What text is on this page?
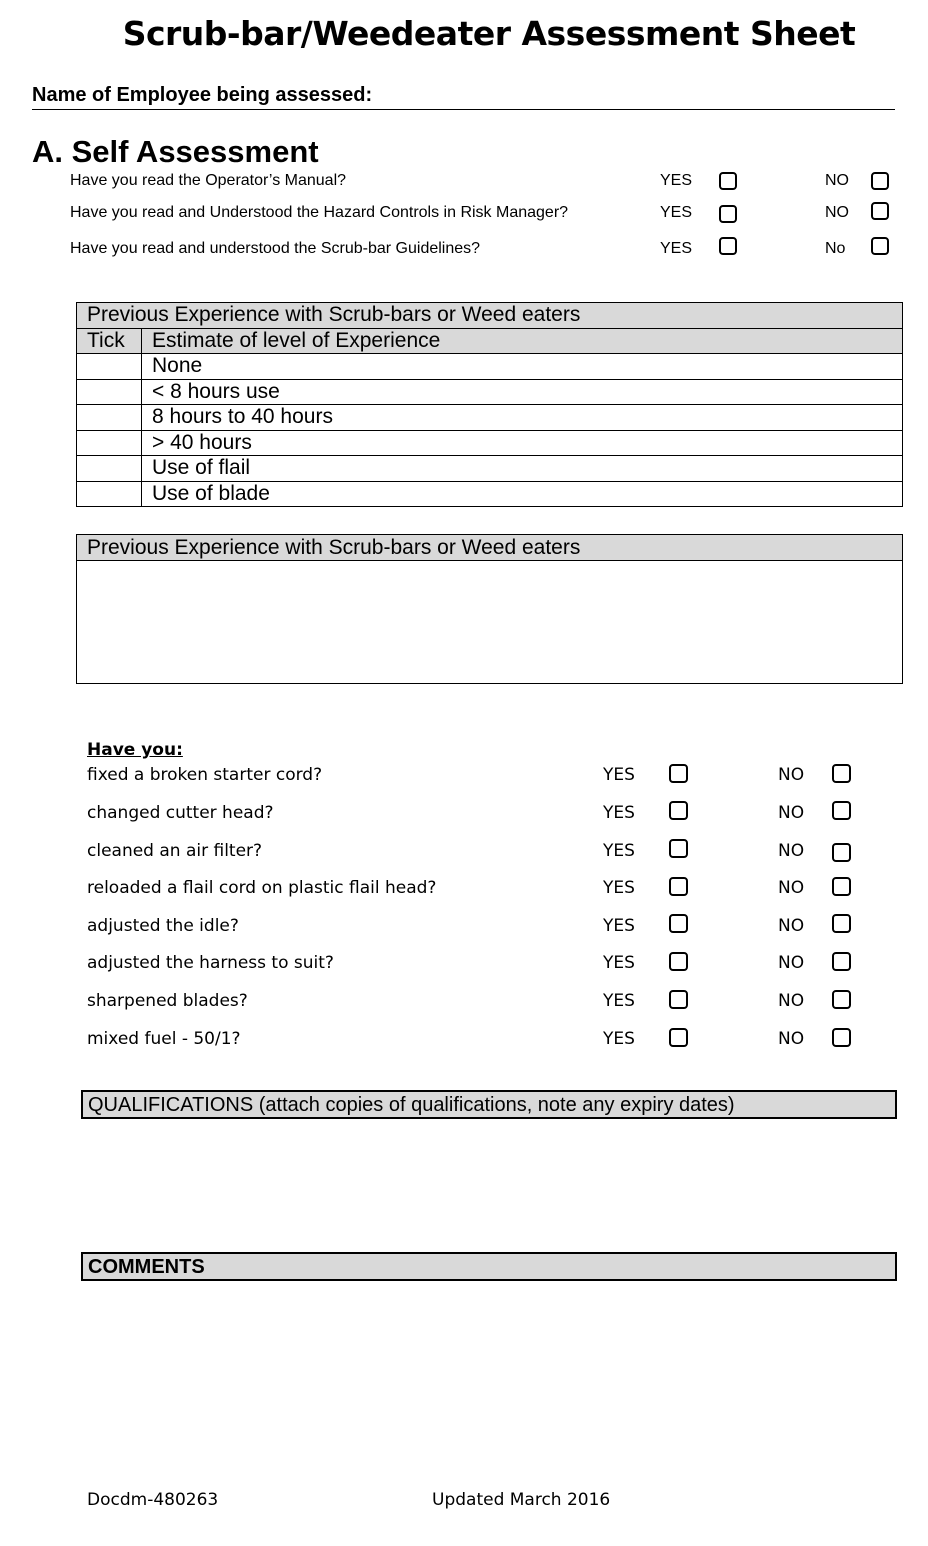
Scrub-bar/Weedeater Assessment Sheet
Name of Employee being assessed:
A. Self Assessment
Have you read the Operator’s Manual?	YES	NO
Have you read and Understood the Hazard Controls in Risk Manager?	YES	NO
Have you read and understood the Scrub-bar Guidelines?	YES	No
Previous Experience with Scrub-bars or Weed eaters	
Tick	Estimate of level of Experience
	None
	< 8 hours use
	8 hours to 40 hours
	> 40 hours
	Use of flail
	Use of blade
Previous Experience with Scrub-bars or Weed eaters
Have you:
fixed a broken starter cord?	YES	NO
changed cutter head?	YES	NO
cleaned an air filter?	YES	NO
reloaded a flail cord on plastic flail head?	YES	NO
adjusted the idle?	YES	NO
adjusted the harness to suit?	YES	NO
sharpened blades?	YES	NO
mixed fuel - 50/1?	YES	NO
QUALIFICATIONS (attach copies of qualifications, note any expiry dates)
COMMENTS
Docdm-480263	Updated March 2016
